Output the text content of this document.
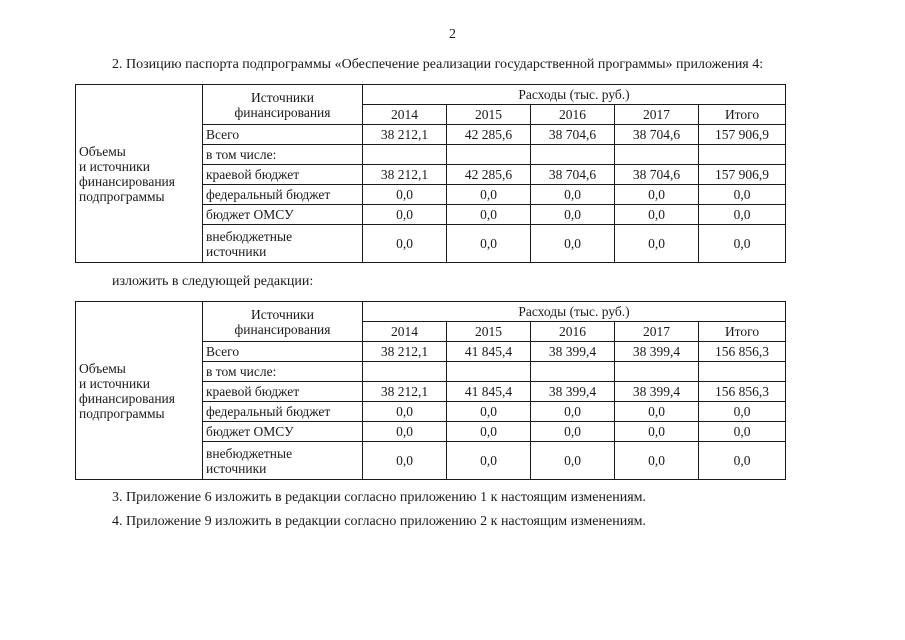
2
2. Позицию паспорта подпрограммы «Обеспечение реализации государственной программы» приложения 4:
Объемы
и источники
финансирования
подпрограммы	Источники
финансирования	Расходы (тыс. руб.)				
		2014	2015	2016	2017	Итого
	Всего	38 212,1	42 285,6	38 704,6	38 704,6	157 906,9
	в том числе:					
	краевой бюджет	38 212,1	42 285,6	38 704,6	38 704,6	157 906,9
	федеральный бюджет	0,0	0,0	0,0	0,0	0,0
	бюджет ОМСУ	0,0	0,0	0,0	0,0	0,0
	внебюджетные
источники	0,0	0,0	0,0	0,0	0,0
изложить в следующей редакции:
Объемы
и источники
финансирования
подпрограммы	Источники
финансирования	Расходы (тыс. руб.)				
		2014	2015	2016	2017	Итого
	Всего	38 212,1	41 845,4	38 399,4	38 399,4	156 856,3
	в том числе:					
	краевой бюджет	38 212,1	41 845,4	38 399,4	38 399,4	156 856,3
	федеральный бюджет	0,0	0,0	0,0	0,0	0,0
	бюджет ОМСУ	0,0	0,0	0,0	0,0	0,0
	внебюджетные
источники	0,0	0,0	0,0	0,0	0,0
3. Приложение 6 изложить в редакции согласно приложению 1 к настоящим изменениям.
4. Приложение 9 изложить в редакции согласно приложению 2 к настоящим изменениям.
